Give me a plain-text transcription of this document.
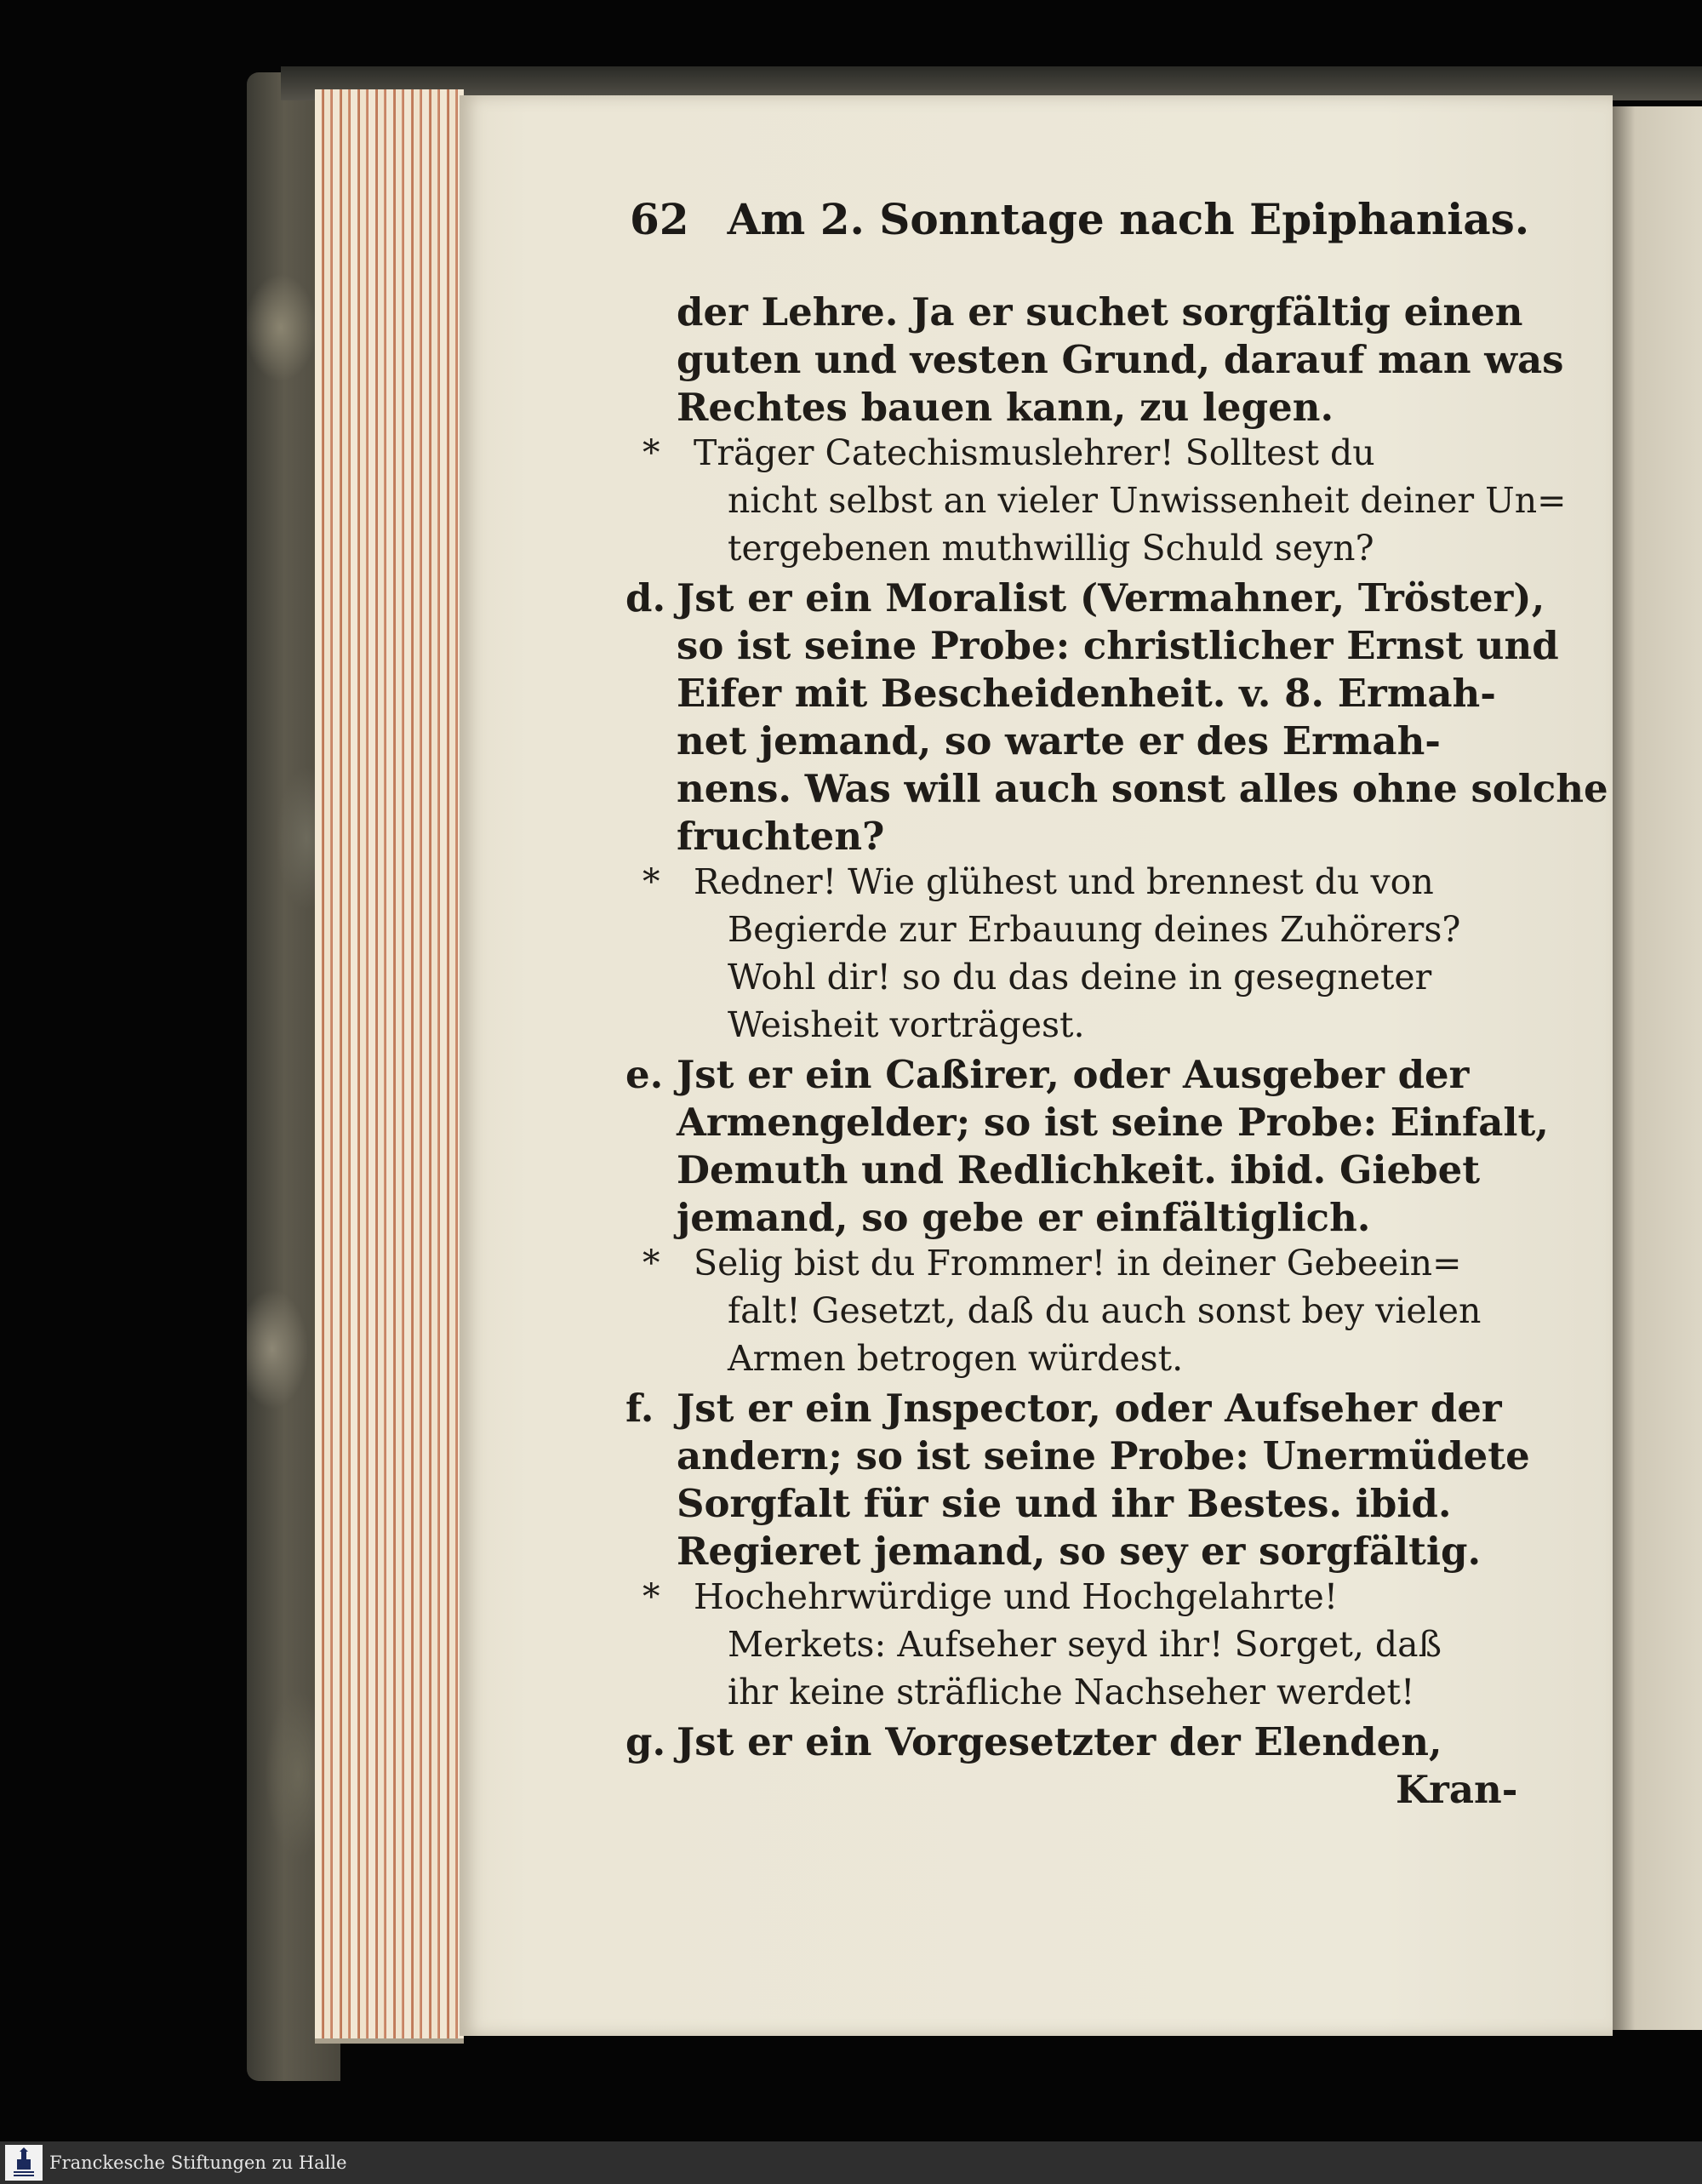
62 Am 2. Sonntage nach Epiphanias.
der Lehre. Ja er suchet sorgfältig einen
guten und vesten Grund, darauf man was
Rechtes bauen kann, zu legen.
* Träger Catechismuslehrer! Solltest du
nicht selbst an vieler Unwissenheit deiner Un=
tergebenen muthwillig Schuld seyn?
d. Jst er ein Moralist (Vermahner, Tröster),
so ist seine Probe: christlicher Ernst und
Eifer mit Bescheidenheit. v. 8. Ermah-
net jemand, so warte er des Ermah-
nens. Was will auch sonst alles ohne solche
fruchten?
* Redner! Wie glühest und brennest du von
Begierde zur Erbauung deines Zuhörers?
Wohl dir! so du das deine in gesegneter
Weisheit vorträgest.
e. Jst er ein Caßirer, oder Ausgeber der
Armengelder; so ist seine Probe: Einfalt,
Demuth und Redlichkeit. ibid. Giebet
jemand, so gebe er einfältiglich.
* Selig bist du Frommer! in deiner Gebeein=
falt! Gesetzt, daß du auch sonst bey vielen
Armen betrogen würdest.
f. Jst er ein Jnspector, oder Aufseher der
andern; so ist seine Probe: Unermüdete
Sorgfalt für sie und ihr Bestes. ibid.
Regieret jemand, so sey er sorgfältig.
* Hochehrwürdige und Hochgelahrte!
Merkets: Aufseher seyd ihr! Sorget, daß
ihr keine sträfliche Nachseher werdet!
g. Jst er ein Vorgesetzter der Elenden,
Kran-
Franckesche Stiftungen zu Halle
